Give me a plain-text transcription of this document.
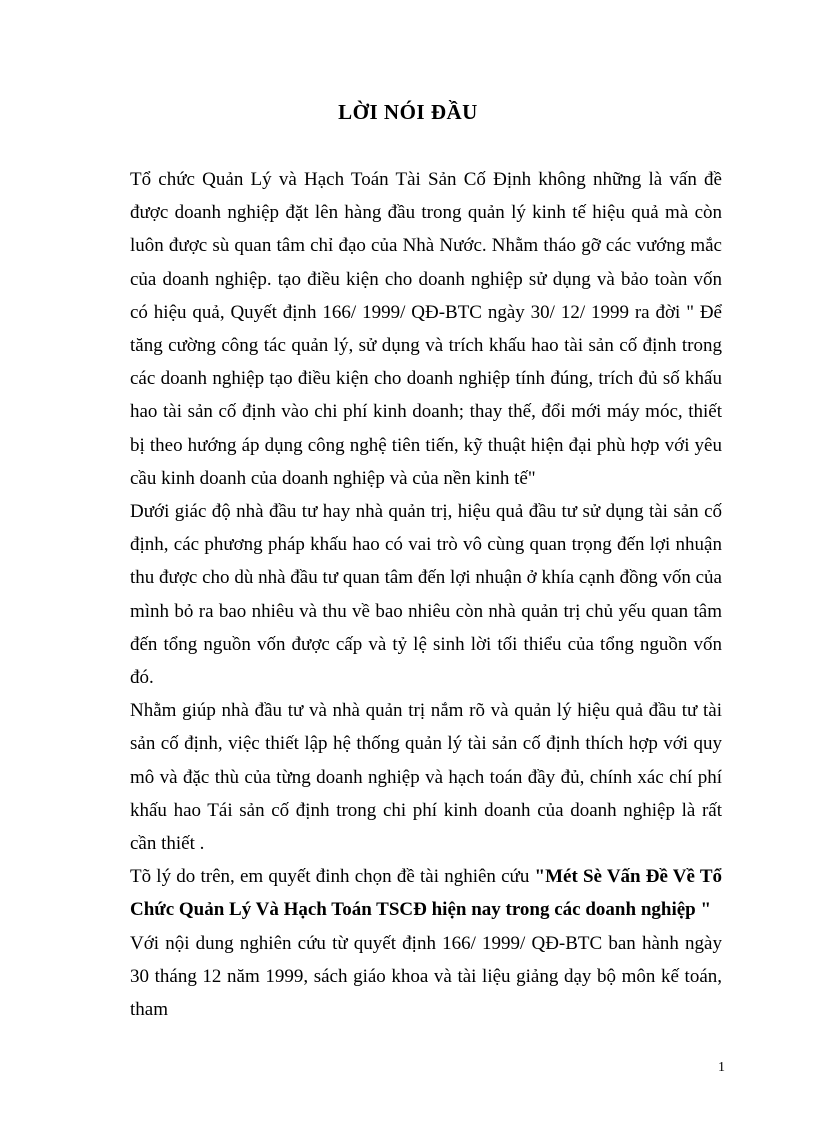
LỜI NÓI ĐẦU

Tổ chức Quản Lý và Hạch Toán Tài Sản Cố Định không những là vấn đề được doanh nghiệp đặt lên hàng đầu trong quản lý kinh tế hiệu quả mà còn luôn được sù quan tâm chỉ đạo của Nhà Nước. Nhằm tháo gỡ các vướng mắc của doanh nghiệp. tạo điều kiện cho doanh nghiệp sử dụng và bảo toàn vốn có hiệu quả, Quyết định 166/ 1999/ QĐ-BTC ngày 30/ 12/ 1999 ra đời " Để tăng cường công tác quản lý, sử dụng và trích khấu hao tài sản cố định trong các doanh nghiệp tạo điều kiện cho doanh nghiệp tính đúng, trích đủ số khấu hao tài sản cố định vào chi phí kinh doanh; thay thế, đổi mới máy móc, thiết bị theo hướng áp dụng công nghệ tiên tiến, kỹ thuật hiện đại phù hợp với yêu cầu kinh doanh của doanh nghiệp và của nền kinh tế"

Dưới giác độ nhà đầu tư hay nhà quản trị, hiệu quả đầu tư sử dụng tài sản cố định, các phương pháp khấu hao có vai trò vô cùng quan trọng đến lợi nhuận thu được cho dù nhà đầu tư quan tâm đến lợi nhuận ở khía cạnh đồng vốn của mình bỏ ra bao nhiêu và thu về bao nhiêu còn nhà quản trị chủ yếu quan tâm đến tổng nguồn vốn được cấp và tỷ lệ sinh lời tối thiểu của tổng nguồn vốn đó.

Nhằm giúp nhà đầu tư và nhà quản trị nắm rõ và quản lý hiệu quả đầu tư tài sản cố định, việc thiết lập hệ thống quản lý tài sản cố định thích hợp với quy mô và đặc thù của từng doanh nghiệp và hạch toán đầy đủ, chính xác chí phí khấu hao Tái sản cố định trong chi phí kinh doanh của doanh nghiệp là rất cần thiết .

Tõ lý do trên, em quyết đinh chọn đề tài nghiên cứu "Mét Sè Vấn Đề Về Tổ Chức Quản Lý Và Hạch Toán TSCĐ hiện nay trong các doanh nghiệp "

Với nội dung nghiên cứu từ quyết định 166/ 1999/ QĐ-BTC ban hành ngày 30 tháng 12 năm 1999, sách giáo khoa và tài liệu giảng dạy bộ môn kế toán, tham

1
